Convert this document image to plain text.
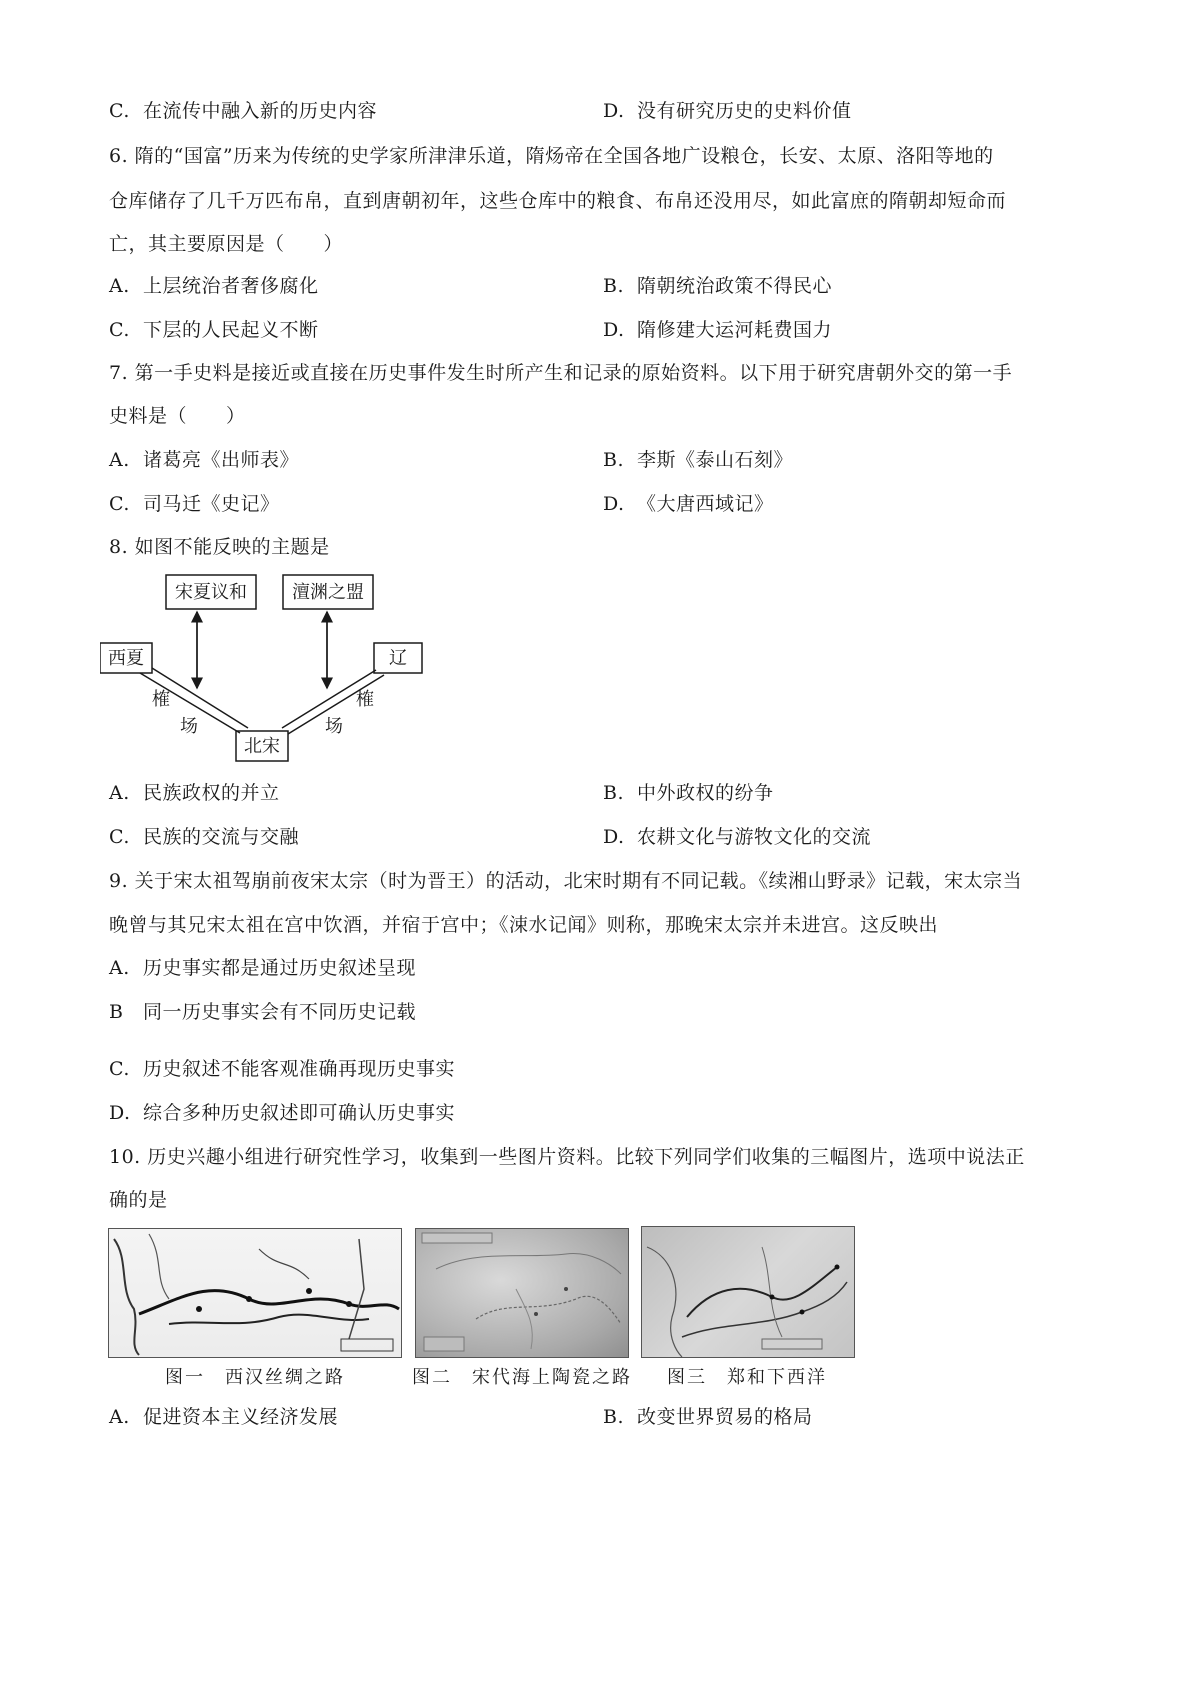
C. 在流传中融入新的历史内容	D. 没有研究历史的史料价值
6. 隋的“国富”历来为传统的史学家所津津乐道，隋炀帝在全国各地广设粮仓，长安、太原、洛阳等地的
仓库储存了几千万匹布帛，直到唐朝初年，这些仓库中的粮食、布帛还没用尽，如此富庶的隋朝却短命而
亡，其主要原因是（　　）
A. 上层统治者奢侈腐化	B. 隋朝统治政策不得民心
C. 下层的人民起义不断	D. 隋修建大运河耗费国力
7. 第一手史料是接近或直接在历史事件发生时所产生和记录的原始资料。以下用于研究唐朝外交的第一手
史料是（　　）
A. 诸葛亮《出师表》	B. 李斯《泰山石刻》
C. 司马迁《史记》	D. 《大唐西域记》
8. 如图不能反映的主题是
宋夏议和	澶渊之盟
西夏	辽
北宋
榷
场
榷
场
A. 民族政权的并立	B. 中外政权的纷争
C. 民族的交流与交融	D. 农耕文化与游牧文化的交流
9. 关于宋太祖驾崩前夜宋太宗（时为晋王）的活动，北宋时期有不同记载。《续湘山野录》记载，宋太宗当
晚曾与其兄宋太祖在宫中饮酒，并宿于宫中；《涑水记闻》则称，那晚宋太宗并未进宫。这反映出
A. 历史事实都是通过历史叙述呈现
B 同一历史事实会有不同历史记载
C. 历史叙述不能客观准确再现历史事实
D. 综合多种历史叙述即可确认历史事实
10. 历史兴趣小组进行研究性学习，收集到一些图片资料。比较下列同学们收集的三幅图片，选项中说法正
确的是
图一　西汉丝绸之路	图二　宋代海上陶瓷之路 图三　郑和下西洋
A. 促进资本主义经济发展	B. 改变世界贸易的格局
